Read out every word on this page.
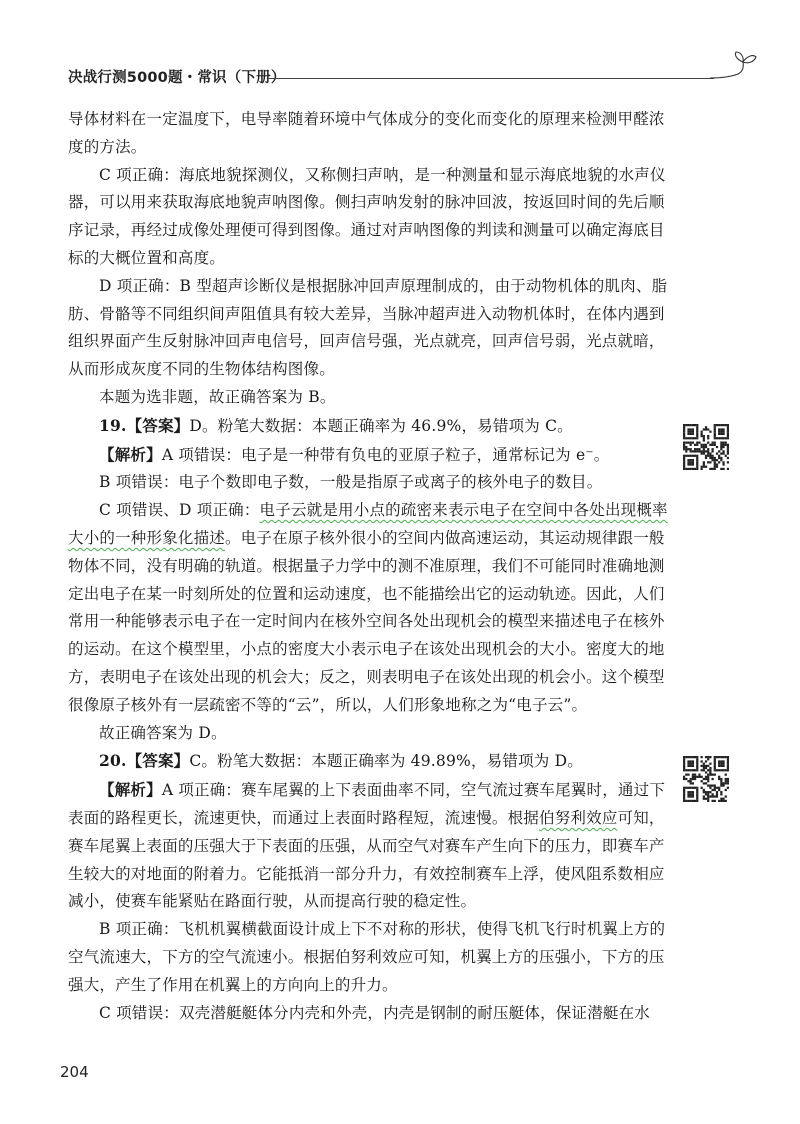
决战行测5000题・常识（下册）

导体材料在一定温度下，电导率随着环境中气体成分的变化而变化的原理来检测甲醛浓度的方法。

C 项正确：海底地貌探测仪，又称侧扫声呐，是一种测量和显示海底地貌的水声仪器，可以用来获取海底地貌声呐图像。侧扫声呐发射的脉冲回波，按返回时间的先后顺序记录，再经过成像处理便可得到图像。通过对声呐图像的判读和测量可以确定海底目标的大概位置和高度。

D 项正确：B 型超声诊断仪是根据脉冲回声原理制成的，由于动物机体的肌肉、脂肪、骨骼等不同组织间声阻值具有较大差异，当脉冲超声进入动物机体时，在体内遇到组织界面产生反射脉冲回声电信号，回声信号强，光点就亮，回声信号弱，光点就暗，从而形成灰度不同的生物体结构图像。

本题为选非题，故正确答案为 B。

19.【答案】D。粉笔大数据：本题正确率为 46.9%，易错项为 C。

【解析】A 项错误：电子是一种带有负电的亚原子粒子，通常标记为 e⁻。

B 项错误：电子个数即电子数，一般是指原子或离子的核外电子的数目。

C 项错误、D 项正确：电子云就是用小点的疏密来表示电子在空间中各处出现概率大小的一种形象化描述。电子在原子核外很小的空间内做高速运动，其运动规律跟一般物体不同，没有明确的轨道。根据量子力学中的测不准原理，我们不可能同时准确地测定出电子在某一时刻所处的位置和运动速度，也不能描绘出它的运动轨迹。因此，人们常用一种能够表示电子在一定时间内在核外空间各处出现机会的模型来描述电子在核外的运动。在这个模型里，小点的密度大小表示电子在该处出现机会的大小。密度大的地方，表明电子在该处出现的机会大；反之，则表明电子在该处出现的机会小。这个模型很像原子核外有一层疏密不等的“云”，所以，人们形象地称之为“电子云”。

故正确答案为 D。

20.【答案】C。粉笔大数据：本题正确率为 49.89%，易错项为 D。

【解析】A 项正确：赛车尾翼的上下表面曲率不同，空气流过赛车尾翼时，通过下表面的路程更长，流速更快，而通过上表面时路程短，流速慢。根据伯努利效应可知，赛车尾翼上表面的压强大于下表面的压强，从而空气对赛车产生向下的压力，即赛车产生较大的对地面的附着力。它能抵消一部分升力，有效控制赛车上浮，使风阻系数相应减小，使赛车能紧贴在路面行驶，从而提高行驶的稳定性。

B 项正确：飞机机翼横截面设计成上下不对称的形状，使得飞机飞行时机翼上方的空气流速大，下方的空气流速小。根据伯努利效应可知，机翼上方的压强小，下方的压强大，产生了作用在机翼上的方向向上的升力。

C 项错误：双壳潜艇艇体分内壳和外壳，内壳是钢制的耐压艇体，保证潜艇在水

204
